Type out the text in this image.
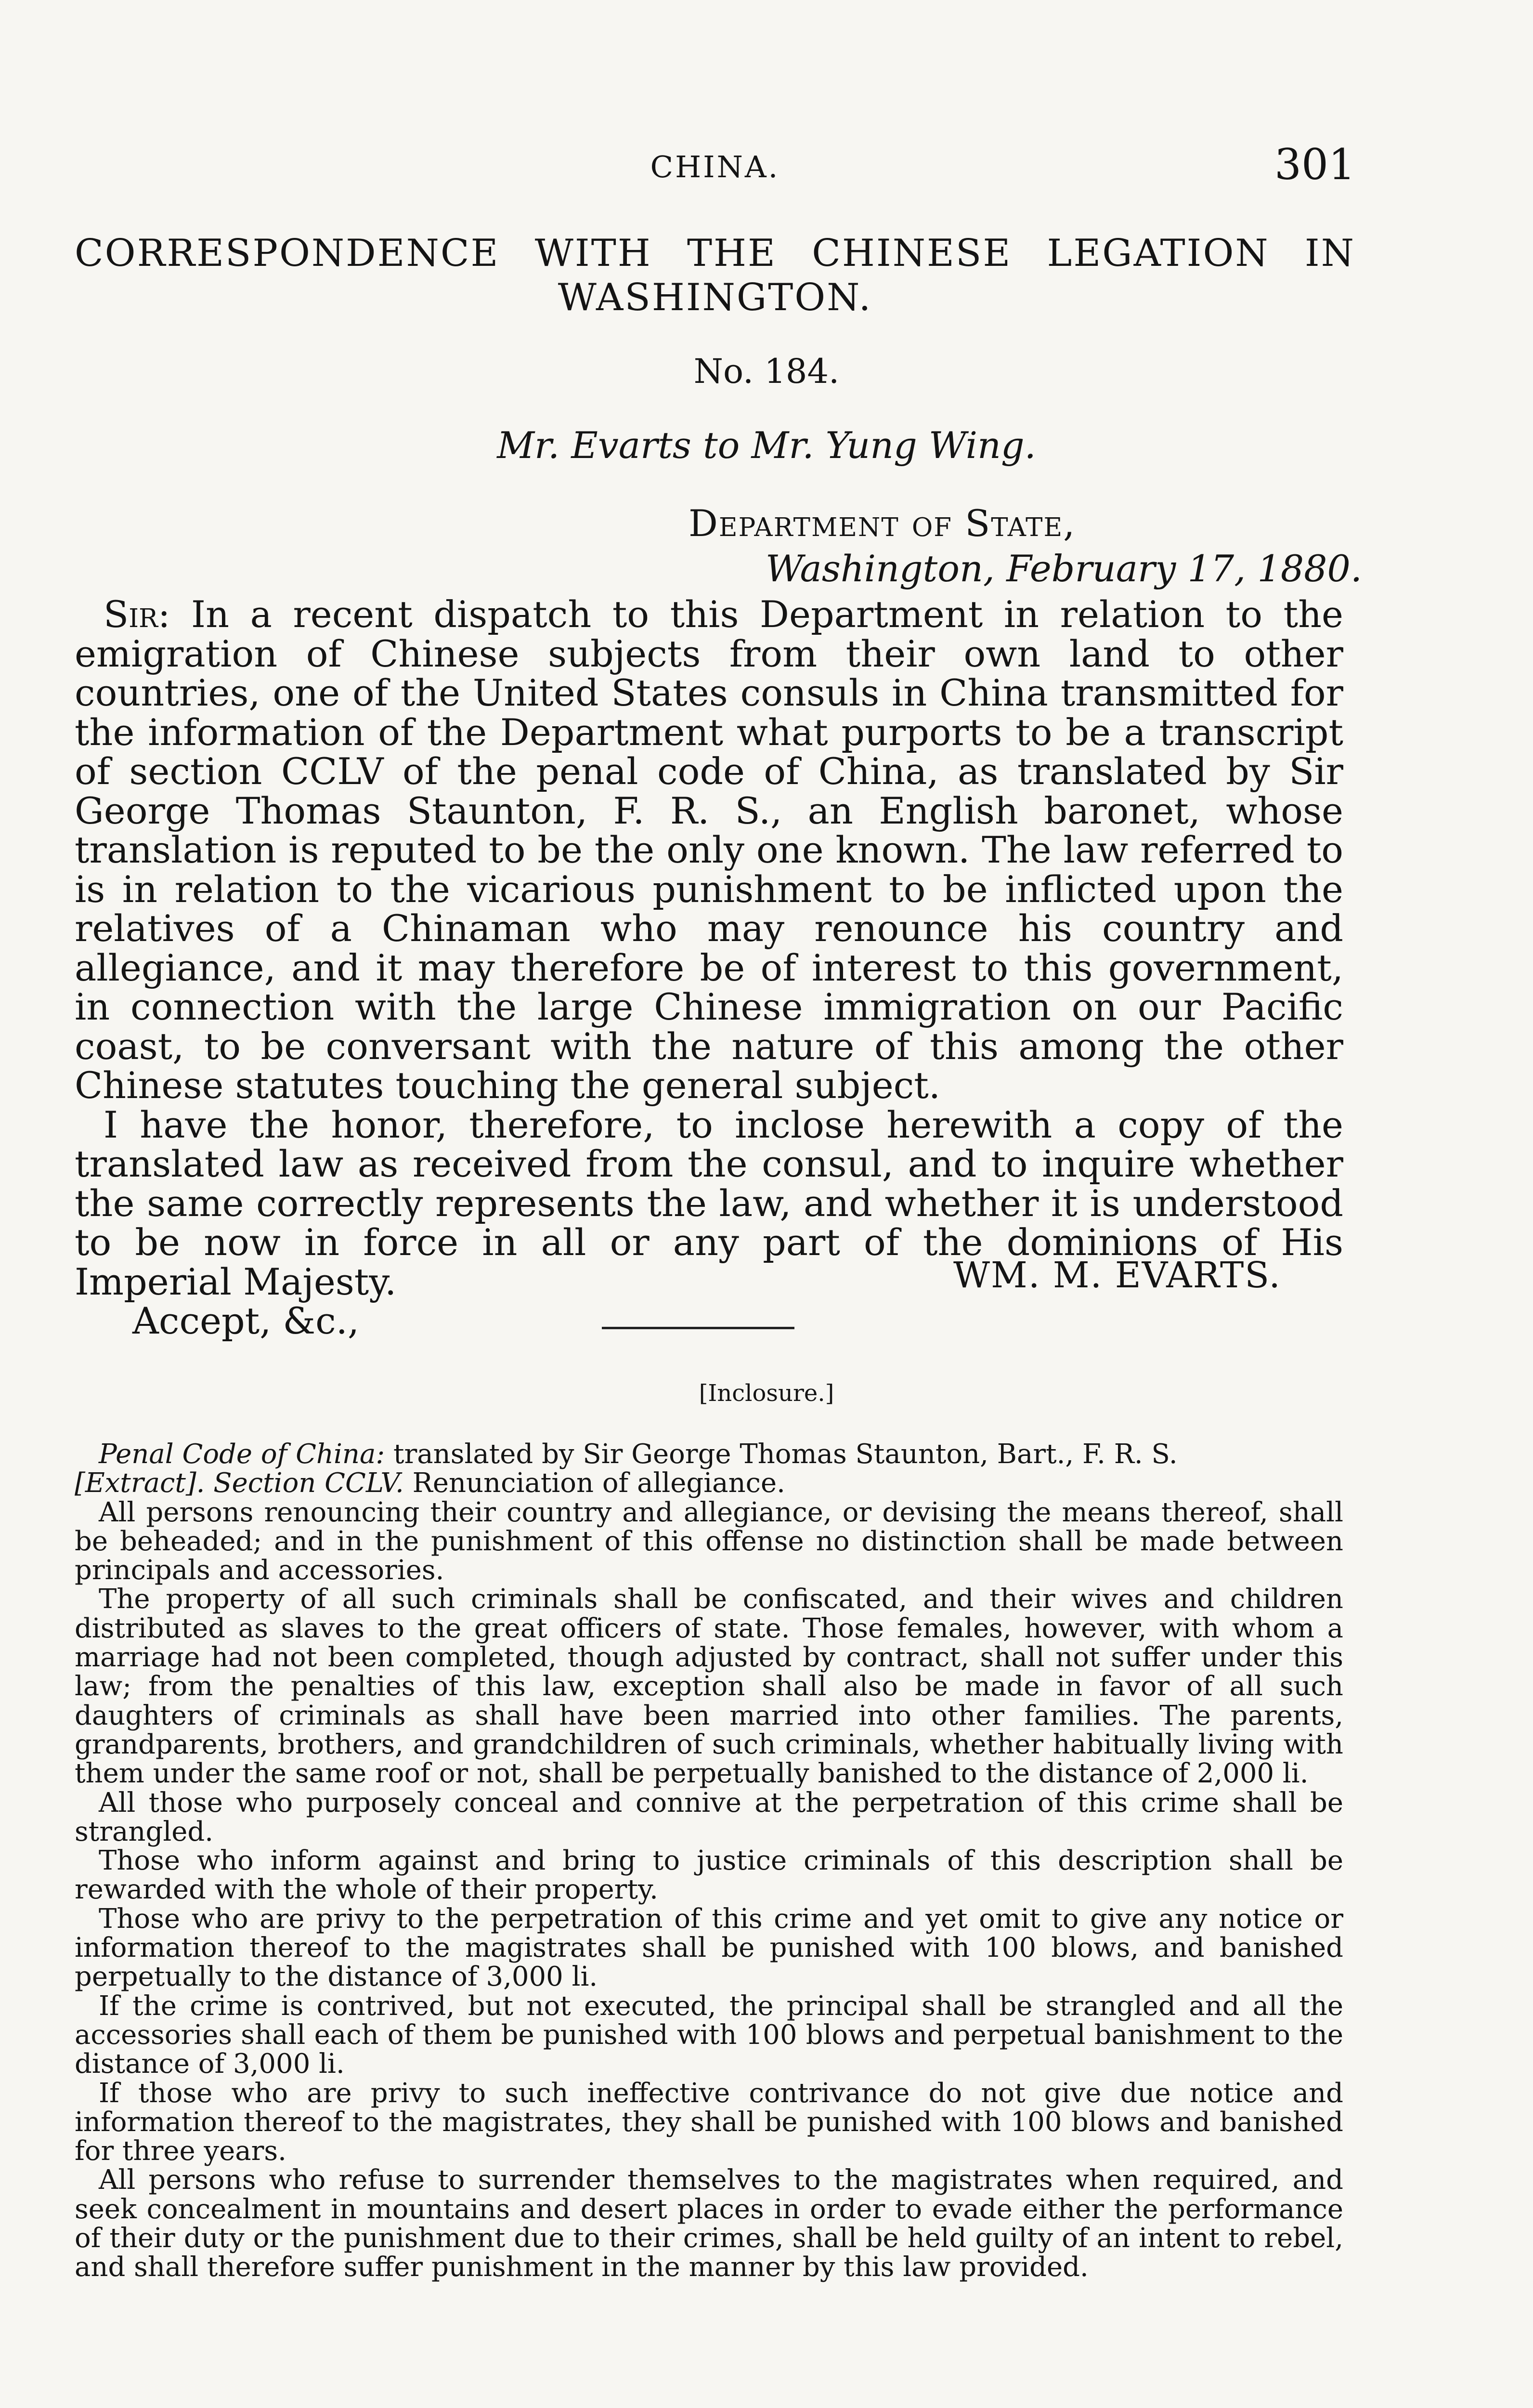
CHINA.	301
CORRESPONDENCE WITH THE CHINESE LEGATION IN
WASHINGTON.
No. 184.
Mr. Evarts to Mr. Yung Wing.
Department of State,
Washington, February 17, 1880.

Sir: In a recent dispatch to this Department in relation to the emigration of Chinese subjects from their own land to other countries, one of the United States consuls in China transmitted for the information of the Department what purports to be a transcript of section CCLV of the penal code of China, as translated by Sir George Thomas Staunton, F. R. S., an English baronet, whose translation is reputed to be the only one known. The law referred to is in relation to the vicarious punishment to be inflicted upon the relatives of a Chinaman who may renounce his country and allegiance, and it may therefore be of interest to this government, in connection with the large Chinese immigration on our Pacific coast, to be conversant with the nature of this among the other Chinese statutes touching the general subject.

I have the honor, therefore, to inclose herewith a copy of the translated law as received from the consul, and to inquire whether the same correctly represents the law, and whether it is understood to be now in force in all or any part of the dominions of His Imperial Majesty.

Accept, &c.,

WM. M. EVARTS.
[Inclosure.]

Penal Code of China: translated by Sir George Thomas Staunton, Bart., F. R. S.

[Extract]. Section CCLV. Renunciation of allegiance.

All persons renouncing their country and allegiance, or devising the means thereof, shall be beheaded; and in the punishment of this offense no distinction shall be made between principals and accessories.

The property of all such criminals shall be confiscated, and their wives and children distributed as slaves to the great officers of state. Those females, however, with whom a marriage had not been completed, though adjusted by contract, shall not suffer under this law; from the penalties of this law, exception shall also be made in favor of all such daughters of criminals as shall have been married into other families. The parents, grandparents, brothers, and grandchildren of such criminals, whether habitually living with them under the same roof or not, shall be perpetually banished to the distance of 2,000 li.

All those who purposely conceal and connive at the perpetration of this crime shall be strangled.

Those who inform against and bring to justice criminals of this description shall be rewarded with the whole of their property.

Those who are privy to the perpetration of this crime and yet omit to give any notice or information thereof to the magistrates shall be punished with 100 blows, and banished perpetually to the distance of 3,000 li.

If the crime is contrived, but not executed, the principal shall be strangled and all the accessories shall each of them be punished with 100 blows and perpetual banishment to the distance of 3,000 li.

If those who are privy to such ineffective contrivance do not give due notice and information thereof to the magistrates, they shall be punished with 100 blows and banished for three years.

All persons who refuse to surrender themselves to the magistrates when required, and seek concealment in mountains and desert places in order to evade either the performance of their duty or the punishment due to their crimes, shall be held guilty of an intent to rebel, and shall therefore suffer punishment in the manner by this law provided.
